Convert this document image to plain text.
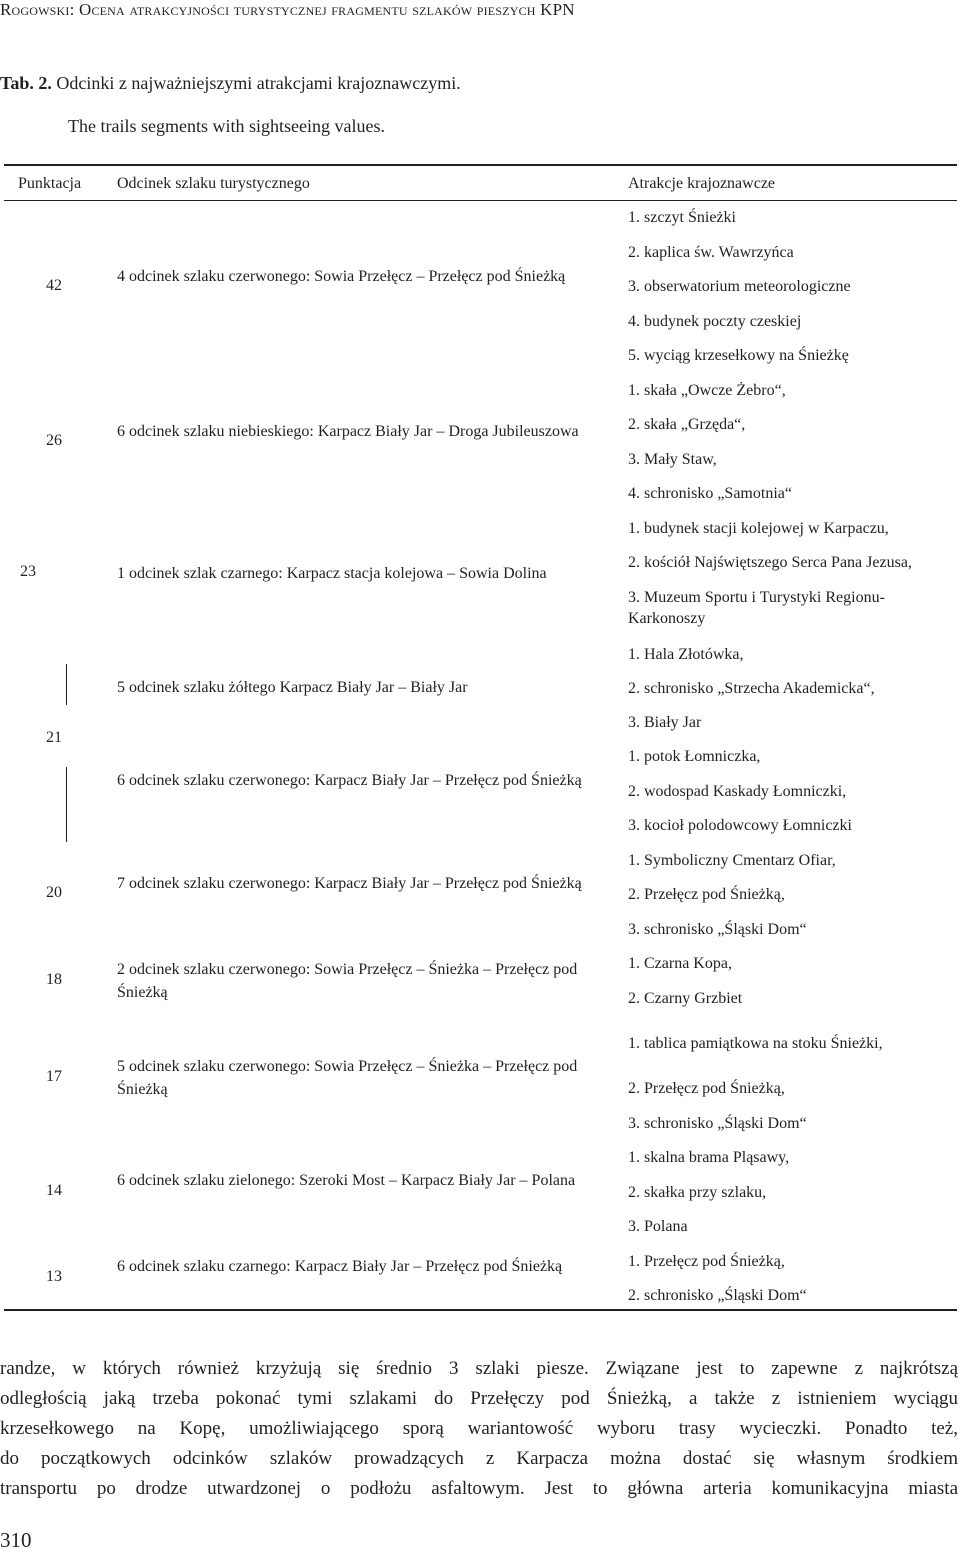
Rogowski: Ocena atrakcyjności turystycznej fragmentu szlaków pieszych KPN
Tab. 2. Odcinki z najważniejszymi atrakcjami krajoznawczymi.
The trails segments with sightseeing values.
Punktacja Odcinek szlaku turystycznego	Atrakcje krajoznawcze
42
26
23
21
20
18
17
14
13
4 odcinek szlaku czerwonego: Sowia Przełęcz – Przełęcz pod Śnieżką
6 odcinek szlaku niebieskiego: Karpacz Biały Jar – Droga Jubileuszowa
1 odcinek szlak czarnego: Karpacz stacja kolejowa – Sowia Dolina
5 odcinek szlaku żółtego Karpacz Biały Jar – Biały Jar
6 odcinek szlaku czerwonego: Karpacz Biały Jar – Przełęcz pod Śnieżką
7 odcinek szlaku czerwonego: Karpacz Biały Jar – Przełęcz pod Śnieżką
2 odcinek szlaku czerwonego: Sowia Przełęcz – Śnieżka – Przełęcz pod Śnieżką
5 odcinek szlaku czerwonego: Sowia Przełęcz – Śnieżka – Przełęcz pod Śnieżką
6 odcinek szlaku zielonego: Szeroki Most – Karpacz Biały Jar – Polana
6 odcinek szlaku czarnego: Karpacz Biały Jar – Przełęcz pod Śnieżką
1. szczyt Śnieżki
2. kaplica św. Wawrzyńca
3. obserwatorium meteorologiczne
4. budynek poczty czeskiej
5. wyciąg krzesełkowy na Śnieżkę
1. skała „Owcze Żebro“,
2. skała „Grzęda“,
3. Mały Staw,
4. schronisko „Samotnia“
1. budynek stacji kolejowej w Karpaczu,
2. kościół Najświętszego Serca Pana Jezusa,
3. Muzeum Sportu i Turystyki Regionu-Karkonoszy
1. Hala Złotówka,
2. schronisko „Strzecha Akademicka“,
3. Biały Jar
1. potok Łomniczka,
2. wodospad Kaskady Łomniczki,
3. kocioł polodowcowy Łomniczki
1. Symboliczny Cmentarz Ofiar,
2. Przełęcz pod Śnieżką,
3. schronisko „Śląski Dom“
1. Czarna Kopa,
2. Czarny Grzbiet
1. tablica pamiątkowa na stoku Śnieżki,
2. Przełęcz pod Śnieżką,
3. schronisko „Śląski Dom“
1. skalna brama Pląsawy,
2. skałka przy szlaku,
3. Polana
1. Przełęcz pod Śnieżką,
2. schronisko „Śląski Dom“

randze, w których również krzyżują się średnio 3 szlaki piesze. Związane jest to zapewne z najkrótszą

odległością jaką trzeba pokonać tymi szlakami do Przełęczy pod Śnieżką, a także z istnieniem wyciągu

krzesełkowego na Kopę, umożliwiającego sporą wariantowość wyboru trasy wycieczki. Ponadto też,

do początkowych odcinków szlaków prowadzących z Karpacza można dostać się własnym środkiem

transportu po drodze utwardzonej o podłożu asfaltowym. Jest to główna arteria komunikacyjna miasta

310
